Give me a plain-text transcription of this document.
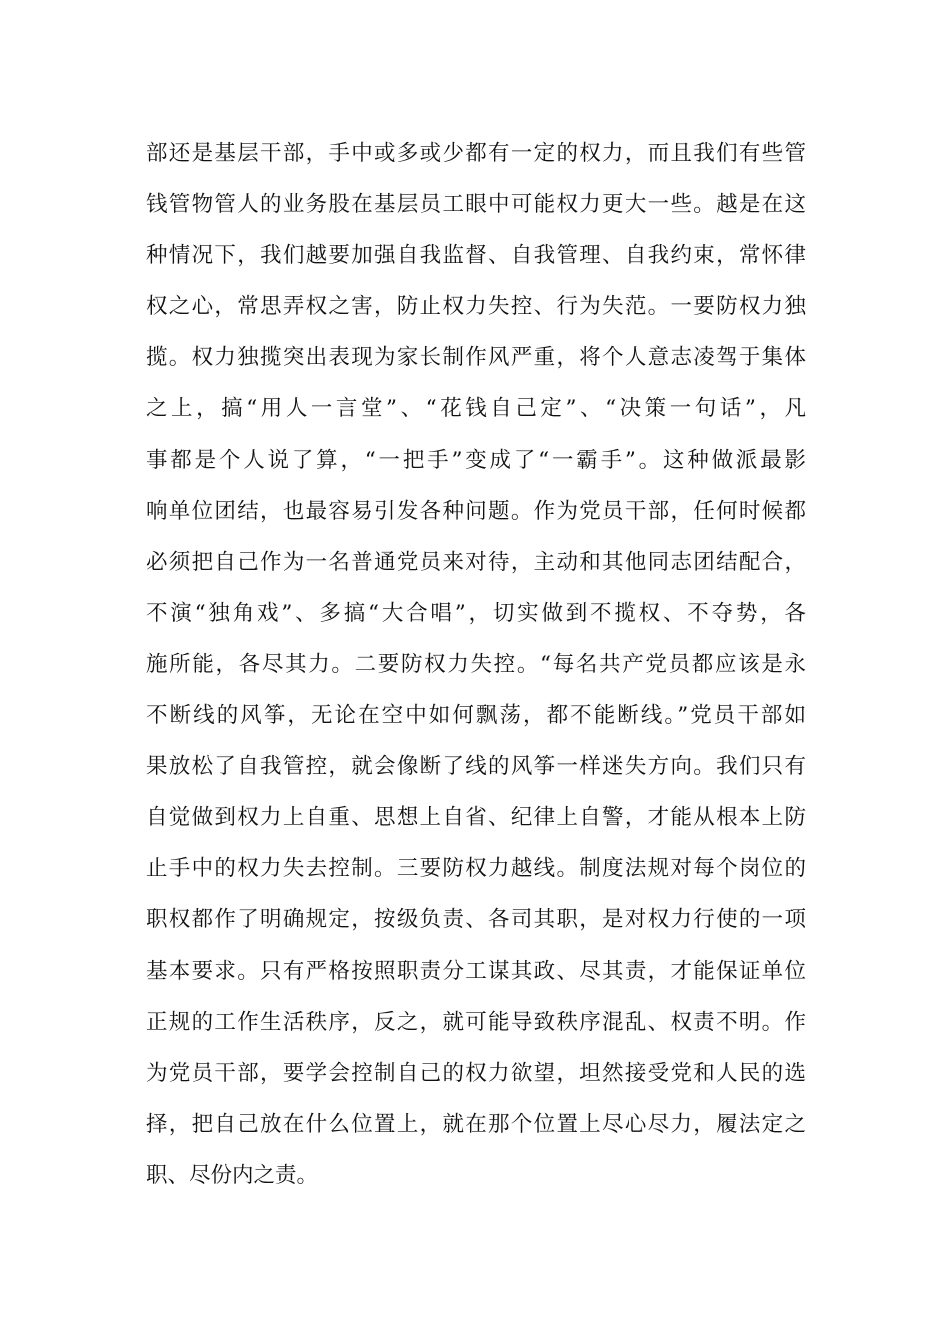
部还是基层干部，手中或多或少都有一定的权力，而且我们有些管
钱管物管人的业务股在基层员工眼中可能权力更大一些。越是在这
种情况下，我们越要加强自我监督、自我管理、自我约束，常怀律
权之心，常思弄权之害，防止权力失控、行为失范。一要防权力独
揽。权力独揽突出表现为家长制作风严重，将个人意志凌驾于集体
之上，搞“用人一言堂”、“花钱自己定”、“决策一句话”，凡
事都是个人说了算，“一把手”变成了“一霸手”。这种做派最影
响单位团结，也最容易引发各种问题。作为党员干部，任何时候都
必须把自己作为一名普通党员来对待，主动和其他同志团结配合，
不演“独角戏”、多搞“大合唱”，切实做到不揽权、不夺势，各
施所能，各尽其力。二要防权力失控。“每名共产党员都应该是永
不断线的风筝，无论在空中如何飘荡，都不能断线。”党员干部如
果放松了自我管控，就会像断了线的风筝一样迷失方向。我们只有
自觉做到权力上自重、思想上自省、纪律上自警，才能从根本上防
止手中的权力失去控制。三要防权力越线。制度法规对每个岗位的
职权都作了明确规定，按级负责、各司其职，是对权力行使的一项
基本要求。只有严格按照职责分工谋其政、尽其责，才能保证单位
正规的工作生活秩序，反之，就可能导致秩序混乱、权责不明。作
为党员干部，要学会控制自己的权力欲望，坦然接受党和人民的选
择，把自己放在什么位置上，就在那个位置上尽心尽力，履法定之
职、尽份内之责。
